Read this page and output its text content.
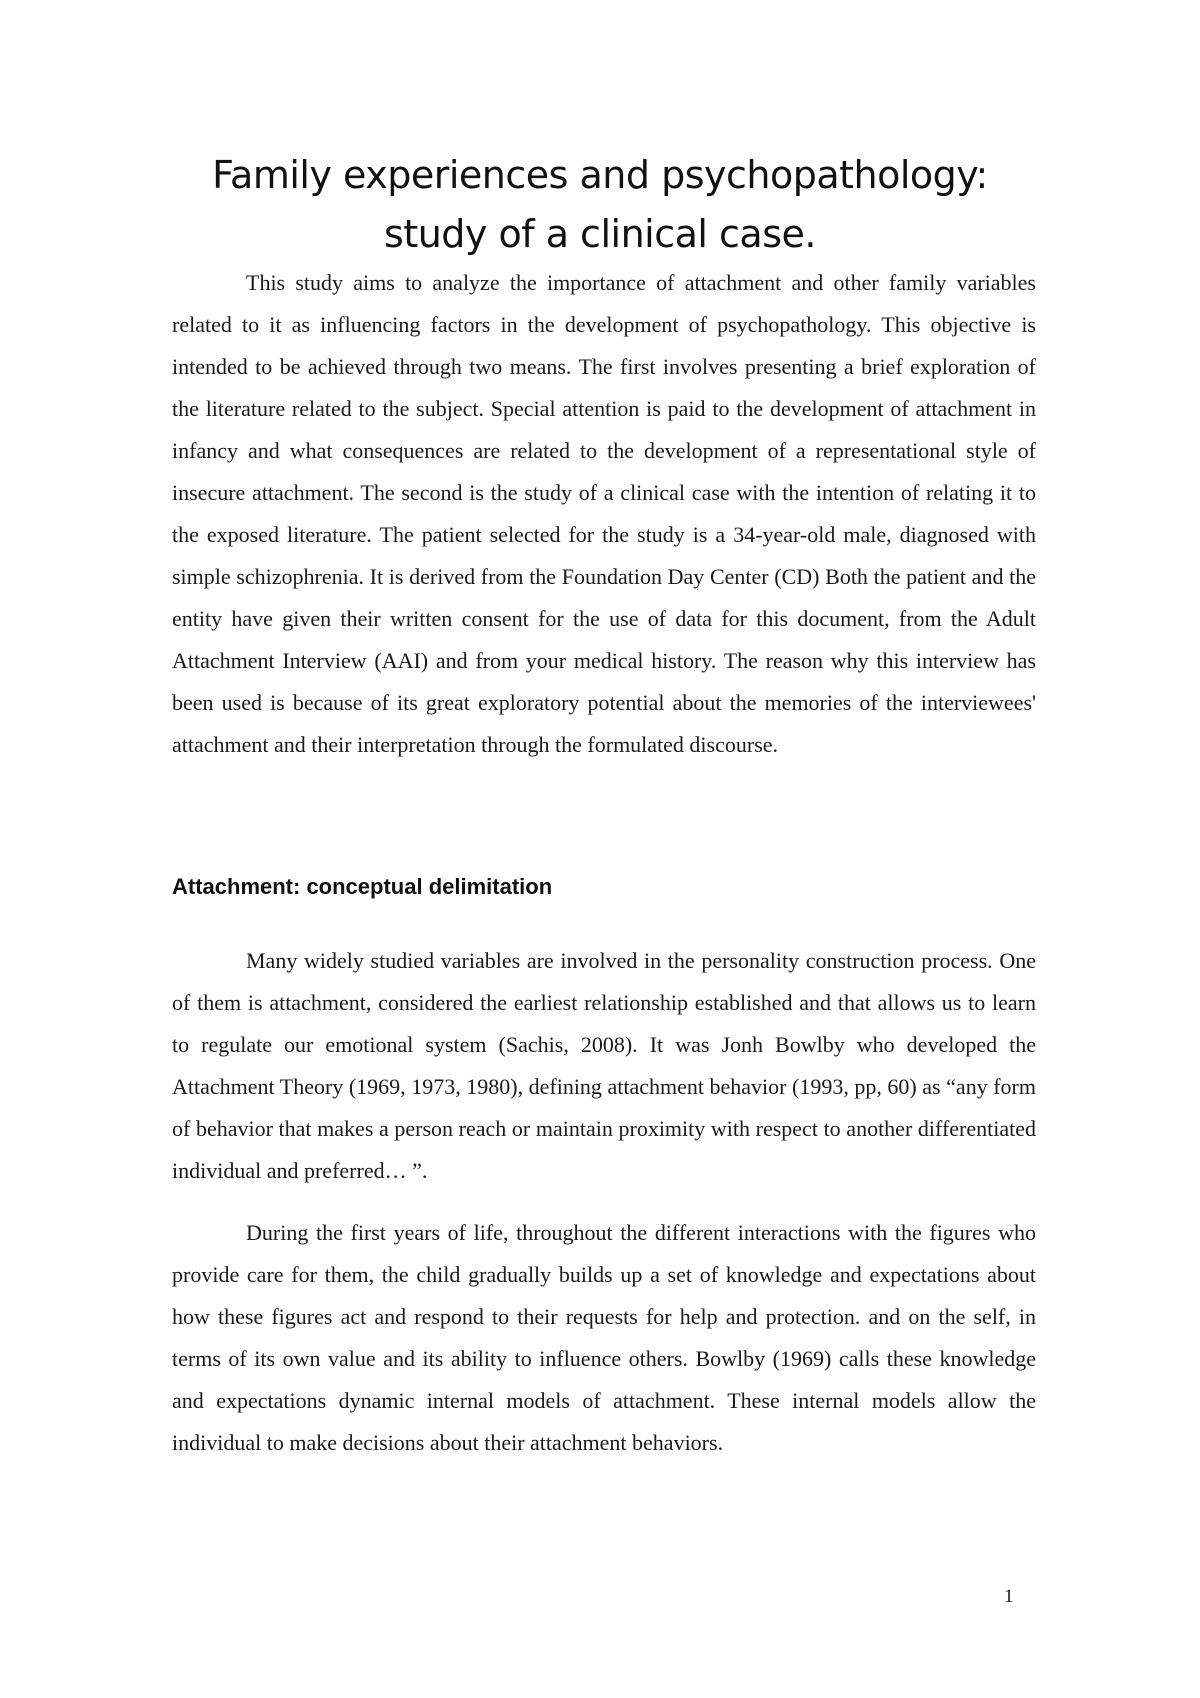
Family experiences and psychopathology:
study of a clinical case.

This study aims to analyze the importance of attachment and other family variables related to it as influencing factors in the development of psychopathology. This objective is intended to be achieved through two means. The first involves presenting a brief exploration of the literature related to the subject. Special attention is paid to the development of attachment in infancy and what consequences are related to the development of a representational style of insecure attachment. The second is the study of a clinical case with the intention of relating it to the exposed literature. The patient selected for the study is a 34-year-old male, diagnosed with simple schizophrenia. It is derived from the Foundation Day Center (CD) Both the patient and the entity have given their written consent for the use of data for this document, from the Adult Attachment Interview (AAI) and from your medical history. The reason why this interview has been used is because of its great exploratory potential about the memories of the interviewees' attachment and their interpretation through the formulated discourse.

Attachment: conceptual delimitation

Many widely studied variables are involved in the personality construction process. One of them is attachment, considered the earliest relationship established and that allows us to learn to regulate our emotional system (Sachis, 2008). It was Jonh Bowlby who developed the Attachment Theory (1969, 1973, 1980), defining attachment behavior (1993, pp, 60) as “any form of behavior that makes a person reach or maintain proximity with respect to another differentiated individual and preferred… ”.

During the first years of life, throughout the different interactions with the figures who provide care for them, the child gradually builds up a set of knowledge and expectations about how these figures act and respond to their requests for help and protection. and on the self, in terms of its own value and its ability to influence others. Bowlby (1969) calls these knowledge and expectations dynamic internal models of attachment. These internal models allow the individual to make decisions about their attachment behaviors.

1
